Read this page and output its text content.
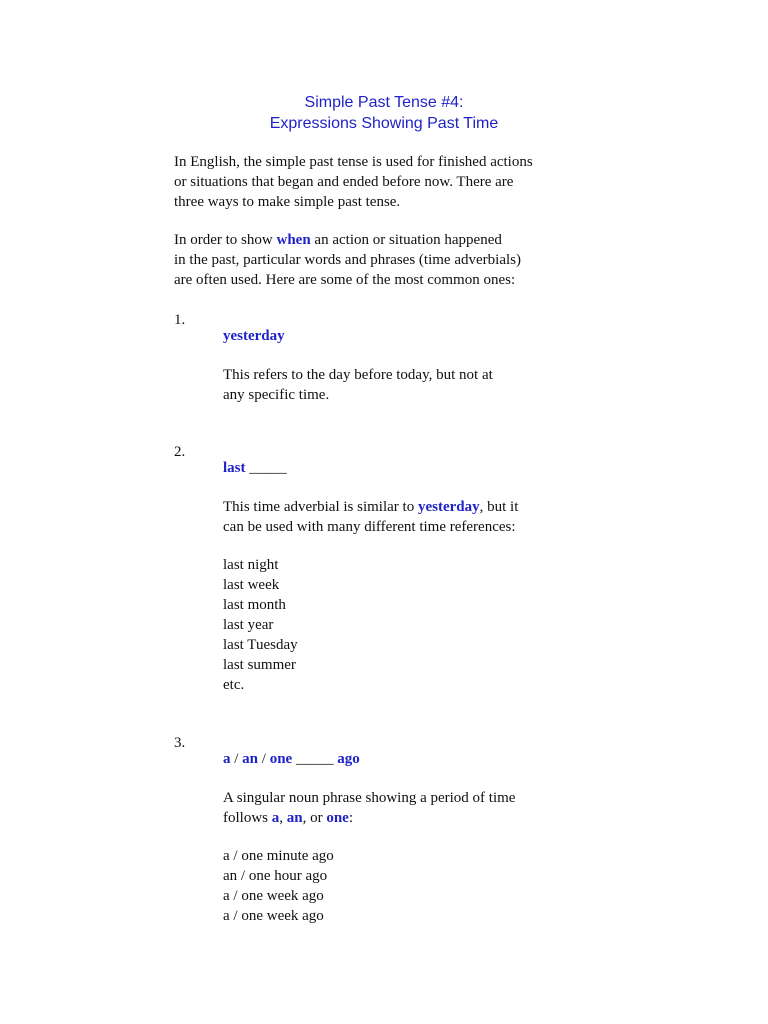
Simple Past Tense #4:
Expressions Showing Past Time

In English, the simple past tense is used for finished actions
or situations that began and ended before now. There are
three ways to make simple past tense.

In order to show when an action or situation happened
in the past, particular words and phrases (time adverbials)
are often used. Here are some of the most common ones:

1.
yesterday
This refers to the day before today, but not at
any specific time.
2.
last _____
This time adverbial is similar to yesterday, but it
can be used with many different time references:
last night
last week
last month
last year
last Tuesday
last summer
etc.
3.
a / an / one _____ ago
A singular noun phrase showing a period of time
follows a, an, or one:
a / one minute ago
an / one hour ago
a / one week ago
a / one week ago
